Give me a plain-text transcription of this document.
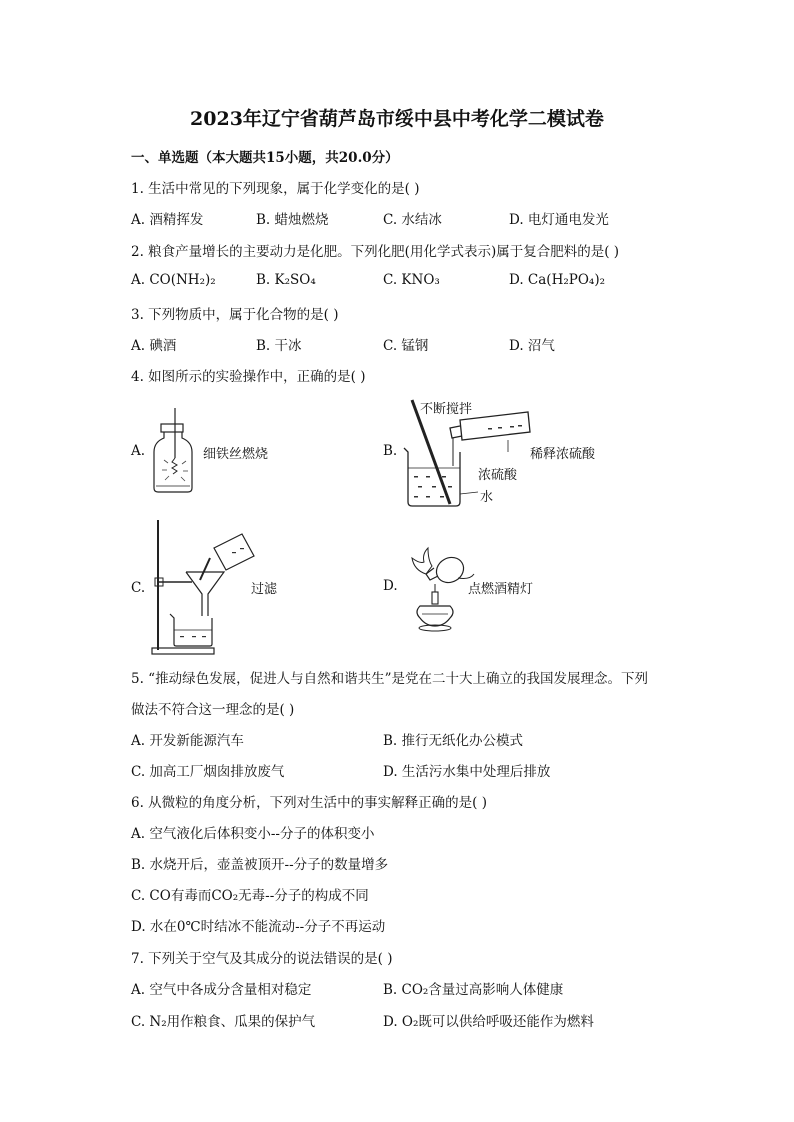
2023年辽宁省葫芦岛市绥中县中考化学二模试卷
一、单选题（本大题共15小题，共20.0分）
1. 生活中常见的下列现象，属于化学变化的是( )
A. 酒精挥发	B. 蜡烛燃烧	C. 水结冰	D. 电灯通电发光
2. 粮食产量增长的主要动力是化肥。下列化肥(用化学式表示)属于复合肥料的是( )
A. CO(NH₂)₂	B. K₂SO₄	C. KNO₃	D. Ca(H₂PO₄)₂
3. 下列物质中，属于化合物的是( )
A. 碘酒	B. 干冰	C. 锰钢	D. 沼气
4. 如图所示的实验操作中，正确的是( )
A.	细铁丝燃烧	B.
不断搅拌
稀释浓硫酸
浓硫酸
水
C.	过滤	D.	点燃酒精灯
5. “推动绿色发展，促进人与自然和谐共生”是党在二十大上确立的我国发展理念。下列
做法不符合这一理念的是( )
A. 开发新能源汽车	B. 推行无纸化办公模式
C. 加高工厂烟囱排放废气	D. 生活污水集中处理后排放
6. 从微粒的角度分析，下列对生活中的事实解释正确的是( )
A. 空气液化后体积变小--分子的体积变小
B. 水烧开后，壶盖被顶开--分子的数量增多
C. CO有毒而CO₂无毒--分子的构成不同
D. 水在0℃时结冰不能流动--分子不再运动
7. 下列关于空气及其成分的说法错误的是( )
A. 空气中各成分含量相对稳定	B. CO₂含量过高影响人体健康
C. N₂用作粮食、瓜果的保护气	D. O₂既可以供给呼吸还能作为燃料
